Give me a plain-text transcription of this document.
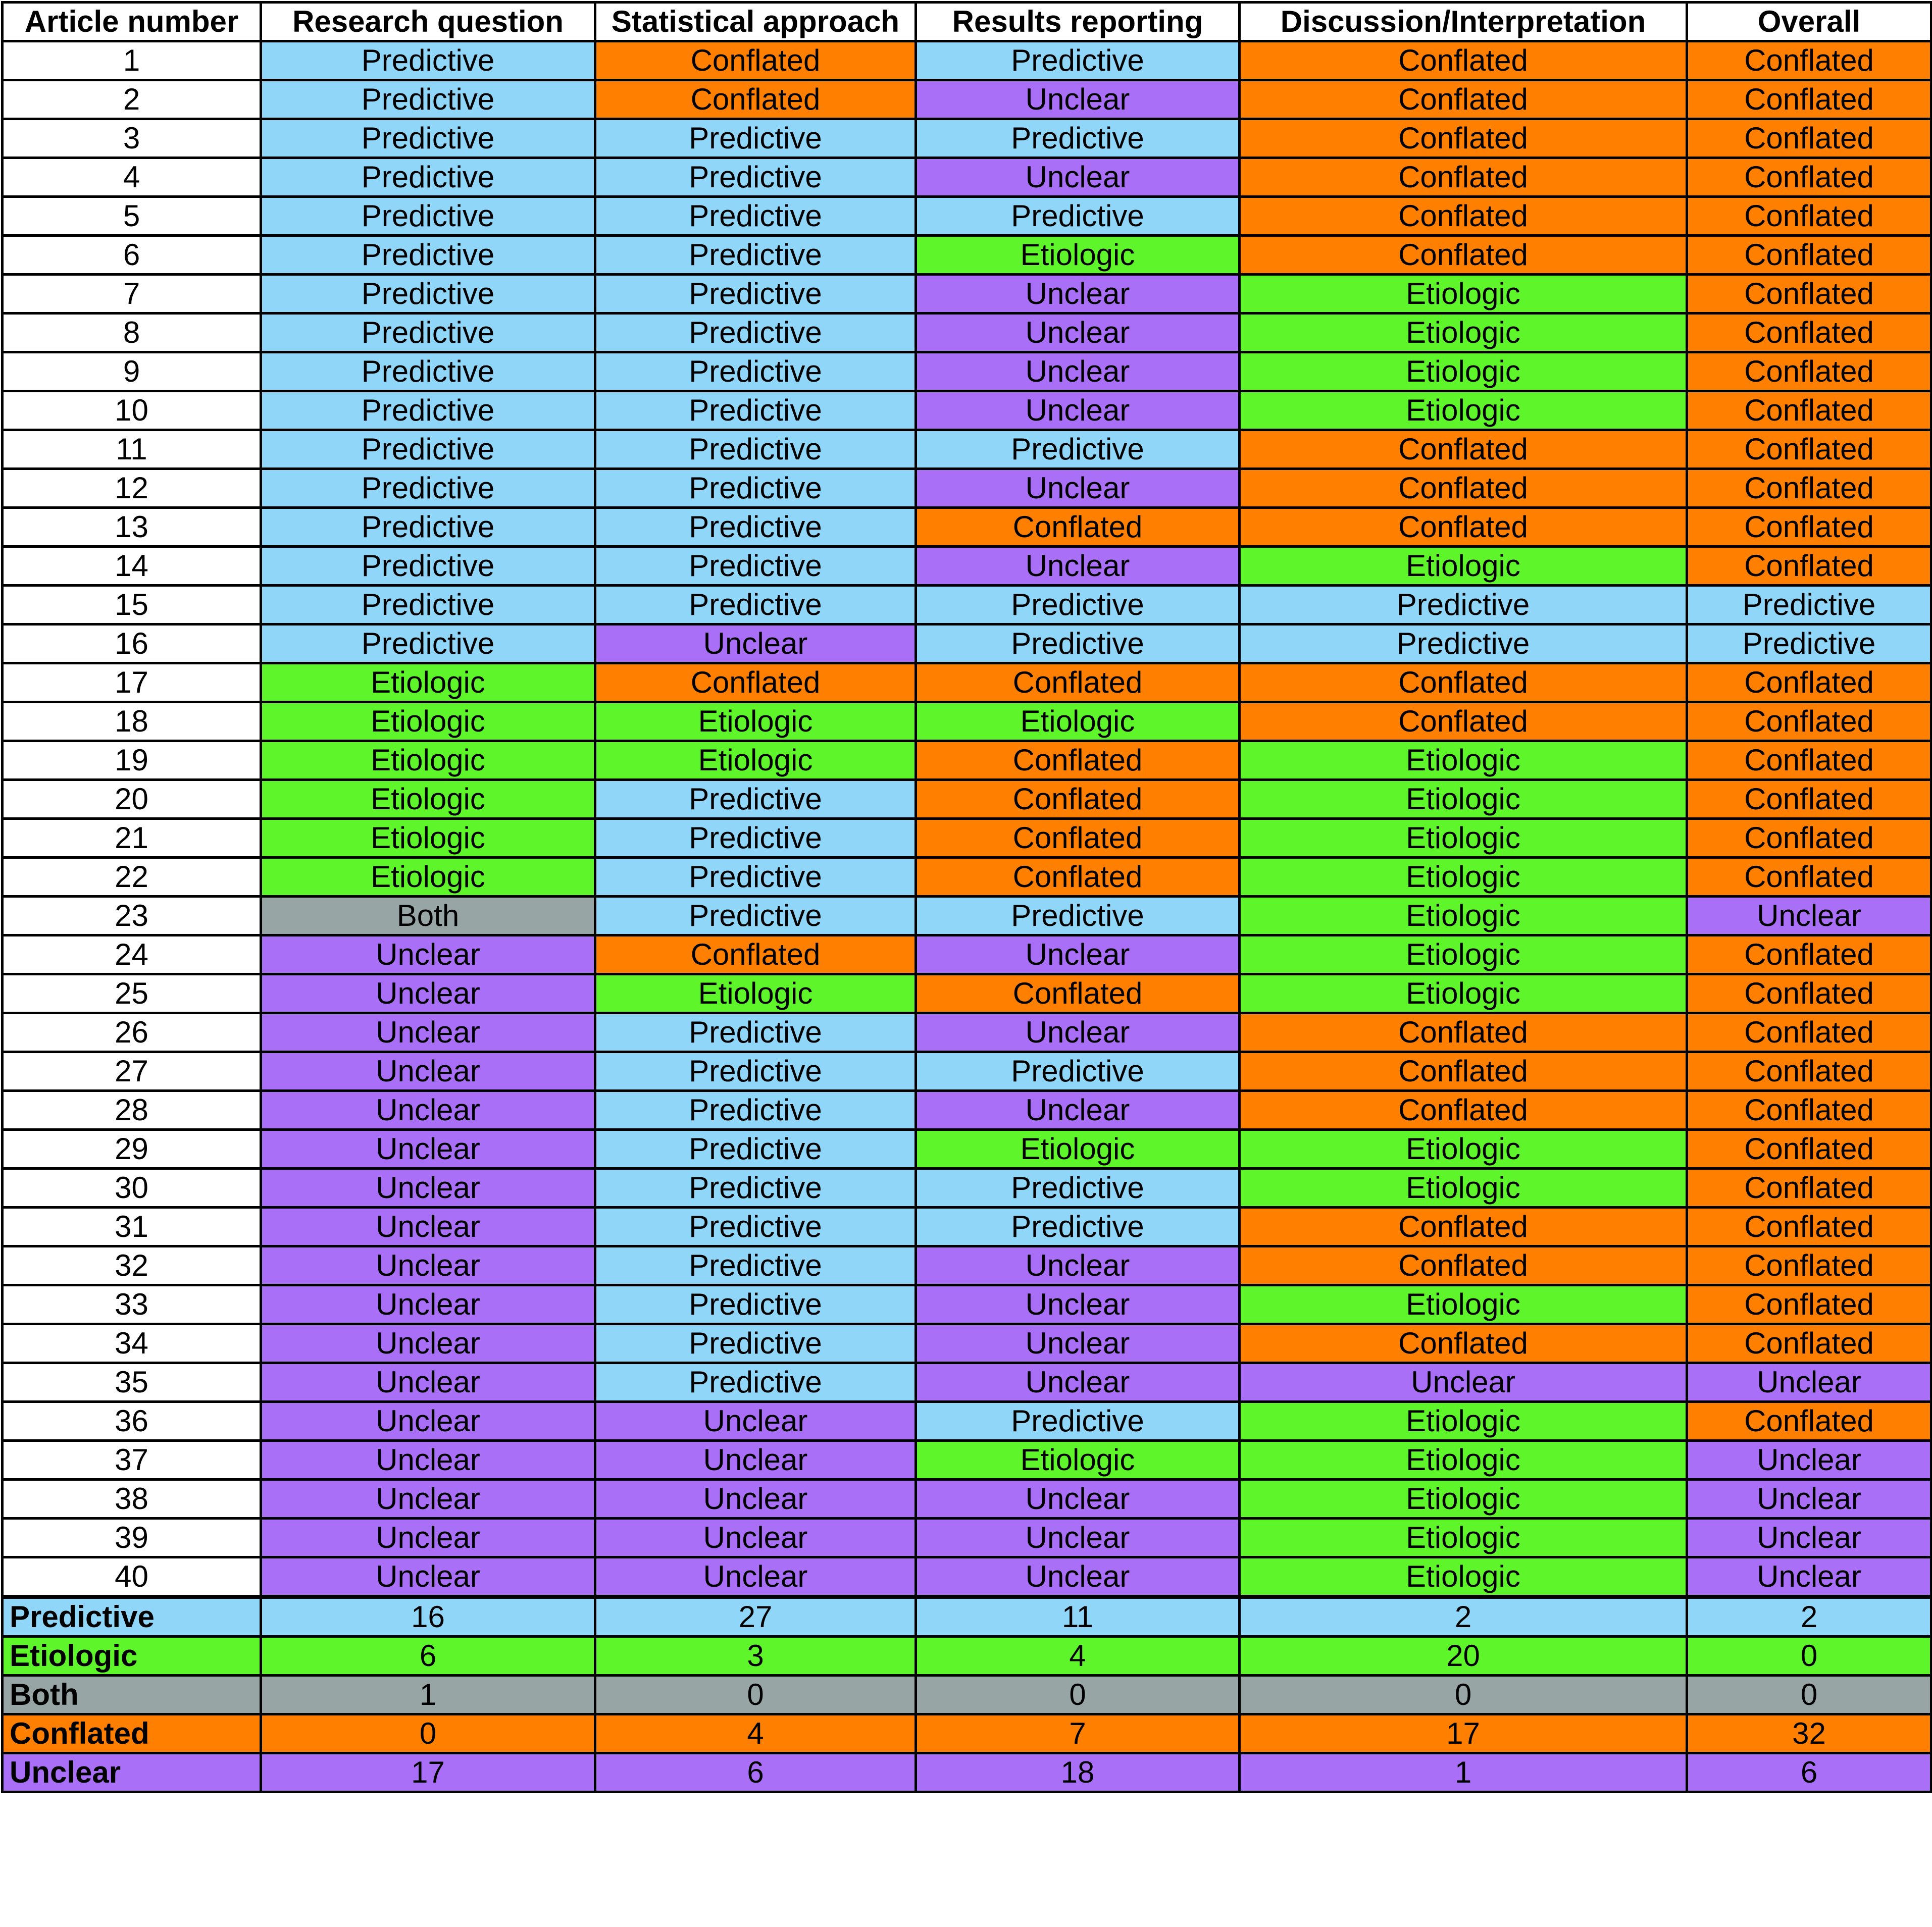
Article number	Research question	Statistical approach	Results reporting	Discussion/Interpretation	Overall
1	Predictive	Conflated	Predictive	Conflated	Conflated
2	Predictive	Conflated	Unclear	Conflated	Conflated
3	Predictive	Predictive	Predictive	Conflated	Conflated
4	Predictive	Predictive	Unclear	Conflated	Conflated
5	Predictive	Predictive	Predictive	Conflated	Conflated
6	Predictive	Predictive	Etiologic	Conflated	Conflated
7	Predictive	Predictive	Unclear	Etiologic	Conflated
8	Predictive	Predictive	Unclear	Etiologic	Conflated
9	Predictive	Predictive	Unclear	Etiologic	Conflated
10	Predictive	Predictive	Unclear	Etiologic	Conflated
11	Predictive	Predictive	Predictive	Conflated	Conflated
12	Predictive	Predictive	Unclear	Conflated	Conflated
13	Predictive	Predictive	Conflated	Conflated	Conflated
14	Predictive	Predictive	Unclear	Etiologic	Conflated
15	Predictive	Predictive	Predictive	Predictive	Predictive
16	Predictive	Unclear	Predictive	Predictive	Predictive
17	Etiologic	Conflated	Conflated	Conflated	Conflated
18	Etiologic	Etiologic	Etiologic	Conflated	Conflated
19	Etiologic	Etiologic	Conflated	Etiologic	Conflated
20	Etiologic	Predictive	Conflated	Etiologic	Conflated
21	Etiologic	Predictive	Conflated	Etiologic	Conflated
22	Etiologic	Predictive	Conflated	Etiologic	Conflated
23	Both	Predictive	Predictive	Etiologic	Unclear
24	Unclear	Conflated	Unclear	Etiologic	Conflated
25	Unclear	Etiologic	Conflated	Etiologic	Conflated
26	Unclear	Predictive	Unclear	Conflated	Conflated
27	Unclear	Predictive	Predictive	Conflated	Conflated
28	Unclear	Predictive	Unclear	Conflated	Conflated
29	Unclear	Predictive	Etiologic	Etiologic	Conflated
30	Unclear	Predictive	Predictive	Etiologic	Conflated
31	Unclear	Predictive	Predictive	Conflated	Conflated
32	Unclear	Predictive	Unclear	Conflated	Conflated
33	Unclear	Predictive	Unclear	Etiologic	Conflated
34	Unclear	Predictive	Unclear	Conflated	Conflated
35	Unclear	Predictive	Unclear	Unclear	Unclear
36	Unclear	Unclear	Predictive	Etiologic	Conflated
37	Unclear	Unclear	Etiologic	Etiologic	Unclear
38	Unclear	Unclear	Unclear	Etiologic	Unclear
39	Unclear	Unclear	Unclear	Etiologic	Unclear
40	Unclear	Unclear	Unclear	Etiologic	Unclear
Predictive	16	27	11	2	2
Etiologic	6	3	4	20	0
Both	1	0	0	0	0
Conflated	0	4	7	17	32
Unclear	17	6	18	1	6
